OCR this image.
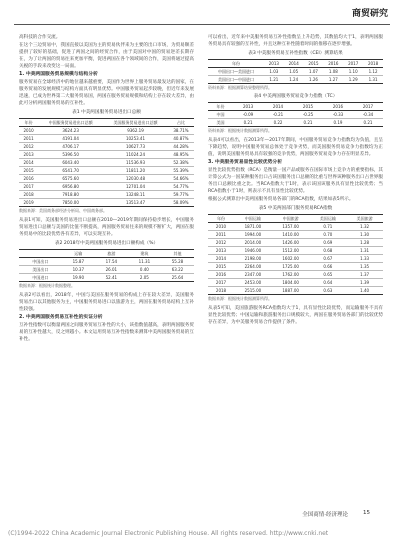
商贸研究

高科技的合作交流。

在这个三边贸易中，我国直接以美国为主的贸易伙伴来为主要的出口市场，为贸易顺差提供了较好的基础，促进了两国之间的经贸合作，由于美国对中国的贸易逆差长期存在，为了让两国的贸易往来更加平衡，促进两国在各个领域间的合作，美国将通过提高关税的手段来改变这一局面。

1. 中美两国服务贸易规模与结构分析

服务贸易在全球经济中的地位越来越重要，美国作为世界上服务贸易最发达的国家，在服务贸易的发展规模与结构方面具有明显优势。中国服务贸易起步较晚，但近年来发展迅速，已成为世界第二大服务贸易国，两国在服务贸易规模和结构上存在较大差异，由此可分析两国服务贸易的互补性。

表1 中美两国服务贸易进出口总额
年份	中国服务贸易进出口总额	美国服务贸易进出口总额	占比
2010	3624.23	9362.19	38.71%
2011	4191.04	10253.41	40.87%
2012	4706.17	10627.73	44.28%
2013	5396.50	11024.24	48.95%
2014	6043.40	11536.93	52.38%
2015	6541.70	11811.20	55.39%
2016	6575.60	12030.48	54.66%
2017	6956.80	12701.04	54.77%
2018	7918.80	13248.11	59.77%
2019	7850.00	13513.47	58.09%
数据来源：美国商务部经济分析局、中国商务部。

从表1可知，美国服务贸易进出口总额在2010—2019年期间保持稳步增长，中国服务贸易进出口总额与美国的比值不断提高，两国服务贸易往来的规模不断扩大，两国在服务贸易中的比较优势各有差异，可以实现互补。

表2 2018年中美两国服务贸易进出口额构成（%）
	运输	旅游	建筑	其他
中国出口	15.87	17.54	11.31	55.28
美国出口	10.37	26.01	0.40	63.22
中国进口	19.90	52.41	2.05	25.64
数据来源：根据统计数据整理。

从表2可以看出，2018年，中国与美国在服务贸易的构成上存在较大差异，美国服务贸易出口以其他服务为主，中国服务贸易进口以旅游为主，两国在服务贸易结构上互补性较强。

2. 中美两国服务贸易互补性的实证分析

互补性指数可以衡量两国之间服务贸易互补性的大小，该指数值越高，表明两国服务贸易的互补性越大，反之则越小。本文运用贸易互补性指数来测算中美两国服务贸易的互补性。

可以看出，近年来中美服务贸易互补性指数呈上升趋势，其数值均大于1，表明两国服务贸易具有较强的互补性，并且这种互补性随着时间的推移在逐步增强。

表3 中美服务贸易互补性指数（CEI）测算结果
年份	2013	2014	2015	2016	2017	2018
中国出口—美国进口	1.03	1.05	1.07	1.08	1.10	1.12
美国出口—中国进口	1.21	1.24	1.26	1.27	1.29	1.31
资料来源：根据测算结果整理所得。
表4 中美两国服务贸易竞争力指数（TC）
年份	2013	2014	2015	2016	2017
中国	-0.09	-0.21	-0.25	-0.33	-0.34
美国	0.21	0.22	0.21	0.19	0.21
资料来源：根据统计数据测算所得。

从表4可以看出，在2013年—2017年期间，中国服务贸易竞争力指数均为负值，且呈下降趋势，说明中国服务贸易总体处于竞争劣势，而美国服务贸易竞争力指数均为正值，说明美国服务贸易具有较强的竞争优势，两国服务贸易竞争力存在明显差异。

3. 中美服务贸易显性比较优势分析

显性比较优势指数（RCA）是衡量一国产品或服务在国际市场上竞争力的重要指标，其计算公式为一国某种服务出口占该国服务出口总额的比重与世界该种服务出口占世界服务出口总额比重之比。当RCA指数大于1时，表示该国该服务具有显性比较优势；当RCA指数小于1时，则表示不具有显性比较优势。

根据公式测算出中美两国服务贸易各部门的RCA指数，结果如表5所示。

表5 中美两国部门服务贸易RCA指数
年份	中国运输	中国旅游	美国运输	美国旅游
2010	1871.00	1357.00	0.71	1.32
2011	1994.00	1410.00	0.70	1.30
2012	2014.00	1426.00	0.69	1.28
2013	1946.00	1512.00	0.68	1.31
2014	2198.00	1602.00	0.67	1.33
2015	2264.00	1725.00	0.66	1.35
2016	2347.00	1762.00	0.65	1.37
2017	2453.00	1804.00	0.64	1.39
2018	2515.00	1887.00	0.63	1.40
数据来源：根据统计数据测算所得。

从表5可知，美国旅游服务RCA指数均大于1，具有显性比较优势，而运输服务不具有显性比较优势；中国运输和旅游服务出口规模较大，两国在服务贸易各部门的比较优势存在差异，为中美服务贸易合作提供了条件。

全国商情·经济理论	15
(C)1994-2022 China Academic Journal Electronic Publishing House. All rights reserved. http://www.cnki.net
